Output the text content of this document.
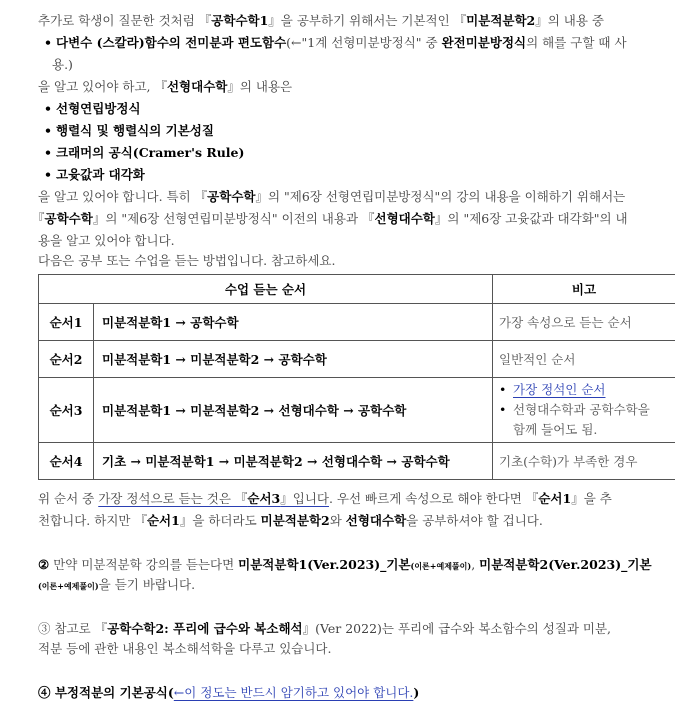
추가로 학생이 질문한 것처럼 『공학수학1』을 공부하기 위해서는 기본적인 『미분적분학2』의 내용 중
• 다변수 (스칼라)함수의 전미분과 편도함수(←"1계 선형미분방정식" 중 완전미분방정식의 해를 구할 때 사
용.)
을 알고 있어야 하고, 『선형대수학』의 내용은
• 선형연립방정식
• 행렬식 및 행렬식의 기본성질
• 크래머의 공식(Cramer's Rule)
• 고윳값과 대각화
을 알고 있어야 합니다. 특히 『공학수학』의 "제6장 선형연립미분방정식"의 강의 내용을 이해하기 위해서는
『공학수학』의 "제6장 선형연립미분방정식" 이전의 내용과 『선형대수학』의 "제6장 고윳값과 대각화"의 내
용을 알고 있어야 합니다.
다음은 공부 또는 수업을 듣는 방법입니다. 참고하세요.
수업 듣는 순서		비고
순서1	미분적분학1 → 공학수학	가장 속성으로 듣는 순서
순서2	미분적분학1 → 미분적분학2 → 공학수학	일반적인 순서
순서3	미분적분학1 → 미분적분학2 → 선형대수학 → 공학수학	• 가장 정석인 순서
• 선형대수학과 공학수학을
함께 들어도 됨.

순서4	기초 → 미분적분학1 → 미분적분학2 → 선형대수학 → 공학수학	기초(수학)가 부족한 경우
위 순서 중 가장 정석으로 듣는 것은 『순서3』입니다. 우선 빠르게 속성으로 해야 한다면 『순서1』을 추
천합니다. 하지만 『순서1』을 하더라도 미분적분학2와 선형대수학을 공부하셔야 할 겁니다.
② 만약 미분적분학 강의를 듣는다면 미분적분학1(Ver.2023)_기본(이론+예제풀이), 미분적분학2(Ver.2023)_기본
(이론+예제풀이)을 듣기 바랍니다.
③ 참고로 『공학수학2: 푸리에 급수와 복소해석』(Ver 2022)는 푸리에 급수와 복소함수의 성질과 미분,
적분 등에 관한 내용인 복소해석학을 다루고 있습니다.
④ 부정적분의 기본공식(←이 정도는 반드시 암기하고 있어야 합니다.)
